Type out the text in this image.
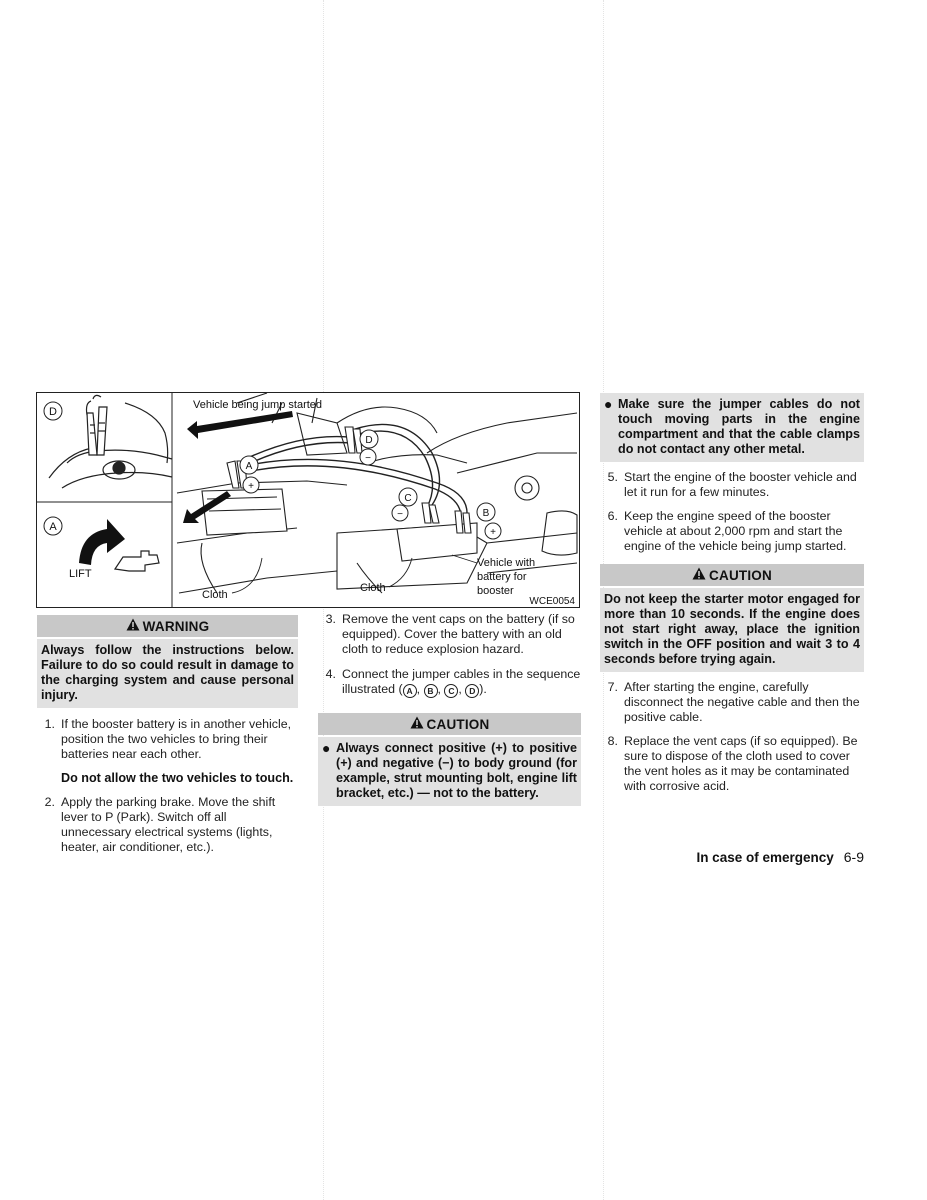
D
A
LIFT
A
+
D
−
C
−	B
+
Vehicle being jump started
Cloth
Cloth
Vehicle with
battery for
booster
WCE0054
WARNING
Always follow the instructions below. Failure to do so could result in damage to the charging system and cause personal injury.
1. If the booster battery is in another vehicle, position the two vehicles to bring their batteries near each other.
Do not allow the two vehicles to touch.
2. Apply the parking brake. Move the shift lever to P (Park). Switch off all unnecessary electrical systems (lights, heater, air conditioner, etc.).
3. Remove the vent caps on the battery (if so equipped). Cover the battery with an old cloth to reduce explosion hazard.
4. Connect the jumper cables in the sequence illustrated ( A , B , C , D ).
CAUTION
● Always connect positive (+) to positive (+) and negative (−) to body ground (for example, strut mounting bolt, engine lift bracket, etc.) — not to the battery.
● Make sure the jumper cables do not touch moving parts in the engine compartment and that the cable clamps do not contact any other metal.
5. Start the engine of the booster vehicle and let it run for a few minutes.
6. Keep the engine speed of the booster vehicle at about 2,000 rpm and start the engine of the vehicle being jump started.
CAUTION
Do not keep the starter motor engaged for more than 10 seconds. If the engine does not start right away, place the ignition switch in the OFF position and wait 3 to 4 seconds before trying again.
7. After starting the engine, carefully disconnect the negative cable and then the positive cable.
8. Replace the vent caps (if so equipped). Be sure to dispose of the cloth used to cover the vent holes as it may be contaminated with corrosive acid.
In case of emergency 6-9
